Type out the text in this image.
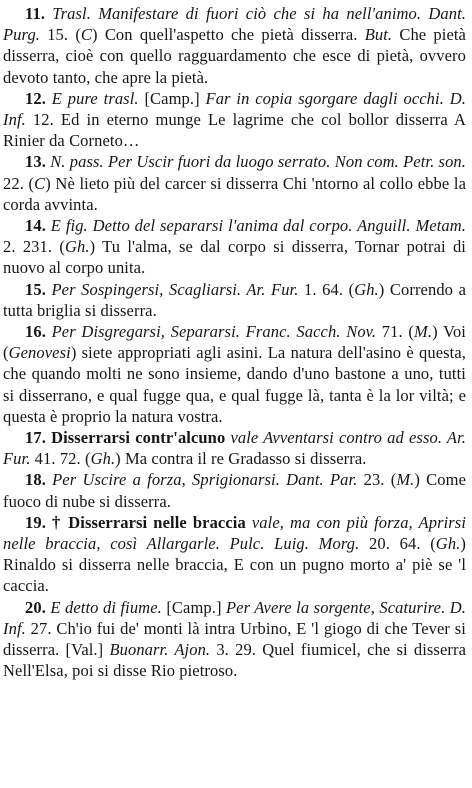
11. Trasl. Manifestare di fuori ciò che si ha nell'animo. Dant. Purg. 15. (C) Con quell'aspetto che pietà disserra. But. Che pietà disserra, cioè con quello ragguardamento che esce di pietà, ovvero devoto tanto, che apre la pietà.

12. E pure trasl. [Camp.] Far in copia sgorgare dagli occhi. D. Inf. 12. Ed in eterno munge Le lagrime che col bollor disserra A Rinier da Corneto…

13. N. pass. Per Uscir fuori da luogo serrato. Non com. Petr. son. 22. (C) Nè lieto più del carcer si disserra Chi 'ntorno al collo ebbe la corda avvinta.

14. E fig. Detto del separarsi l'anima dal corpo. Anguill. Metam. 2. 231. (Gh.) Tu l'alma, se dal corpo si disserra, Tornar potrai di nuovo al corpo unita.

15. Per Sospingersi, Scagliarsi. Ar. Fur. 1. 64. (Gh.) Correndo a tutta briglia si disserra.

16. Per Disgregarsi, Separarsi. Franc. Sacch. Nov. 71. (M.) Voi (Genovesi) siete appropriati agli asini. La natura dell'asino è questa, che quando molti ne sono insieme, dando d'uno bastone a uno, tutti si disserrano, e qual fugge qua, e qual fugge là, tanta è la lor viltà; e questa è proprio la natura vostra.

17. Disserrarsi contr'alcuno vale Avventarsi contro ad esso. Ar. Fur. 41. 72. (Gh.) Ma contra il re Gradasso si disserra.

18. Per Uscire a forza, Sprigionarsi. Dant. Par. 23. (M.) Come fuoco di nube si disserra.

19. † Disserrarsi nelle braccia vale, ma con più forza, Aprirsi nelle braccia, così Allargarle. Pulc. Luig. Morg. 20. 64. (Gh.) Rinaldo si disserra nelle braccia, E con un pugno morto a' piè se 'l caccia.

20. E detto di fiume. [Camp.] Per Avere la sorgente, Scaturire. D. Inf. 27. Ch'io fui de' monti là intra Urbino, E 'l giogo di che Tever si disserra. [Val.] Buonarr. Ajon. 3. 29. Quel fiumicel, che si disserra Nell'Elsa, poi si disse Rio pietroso.
